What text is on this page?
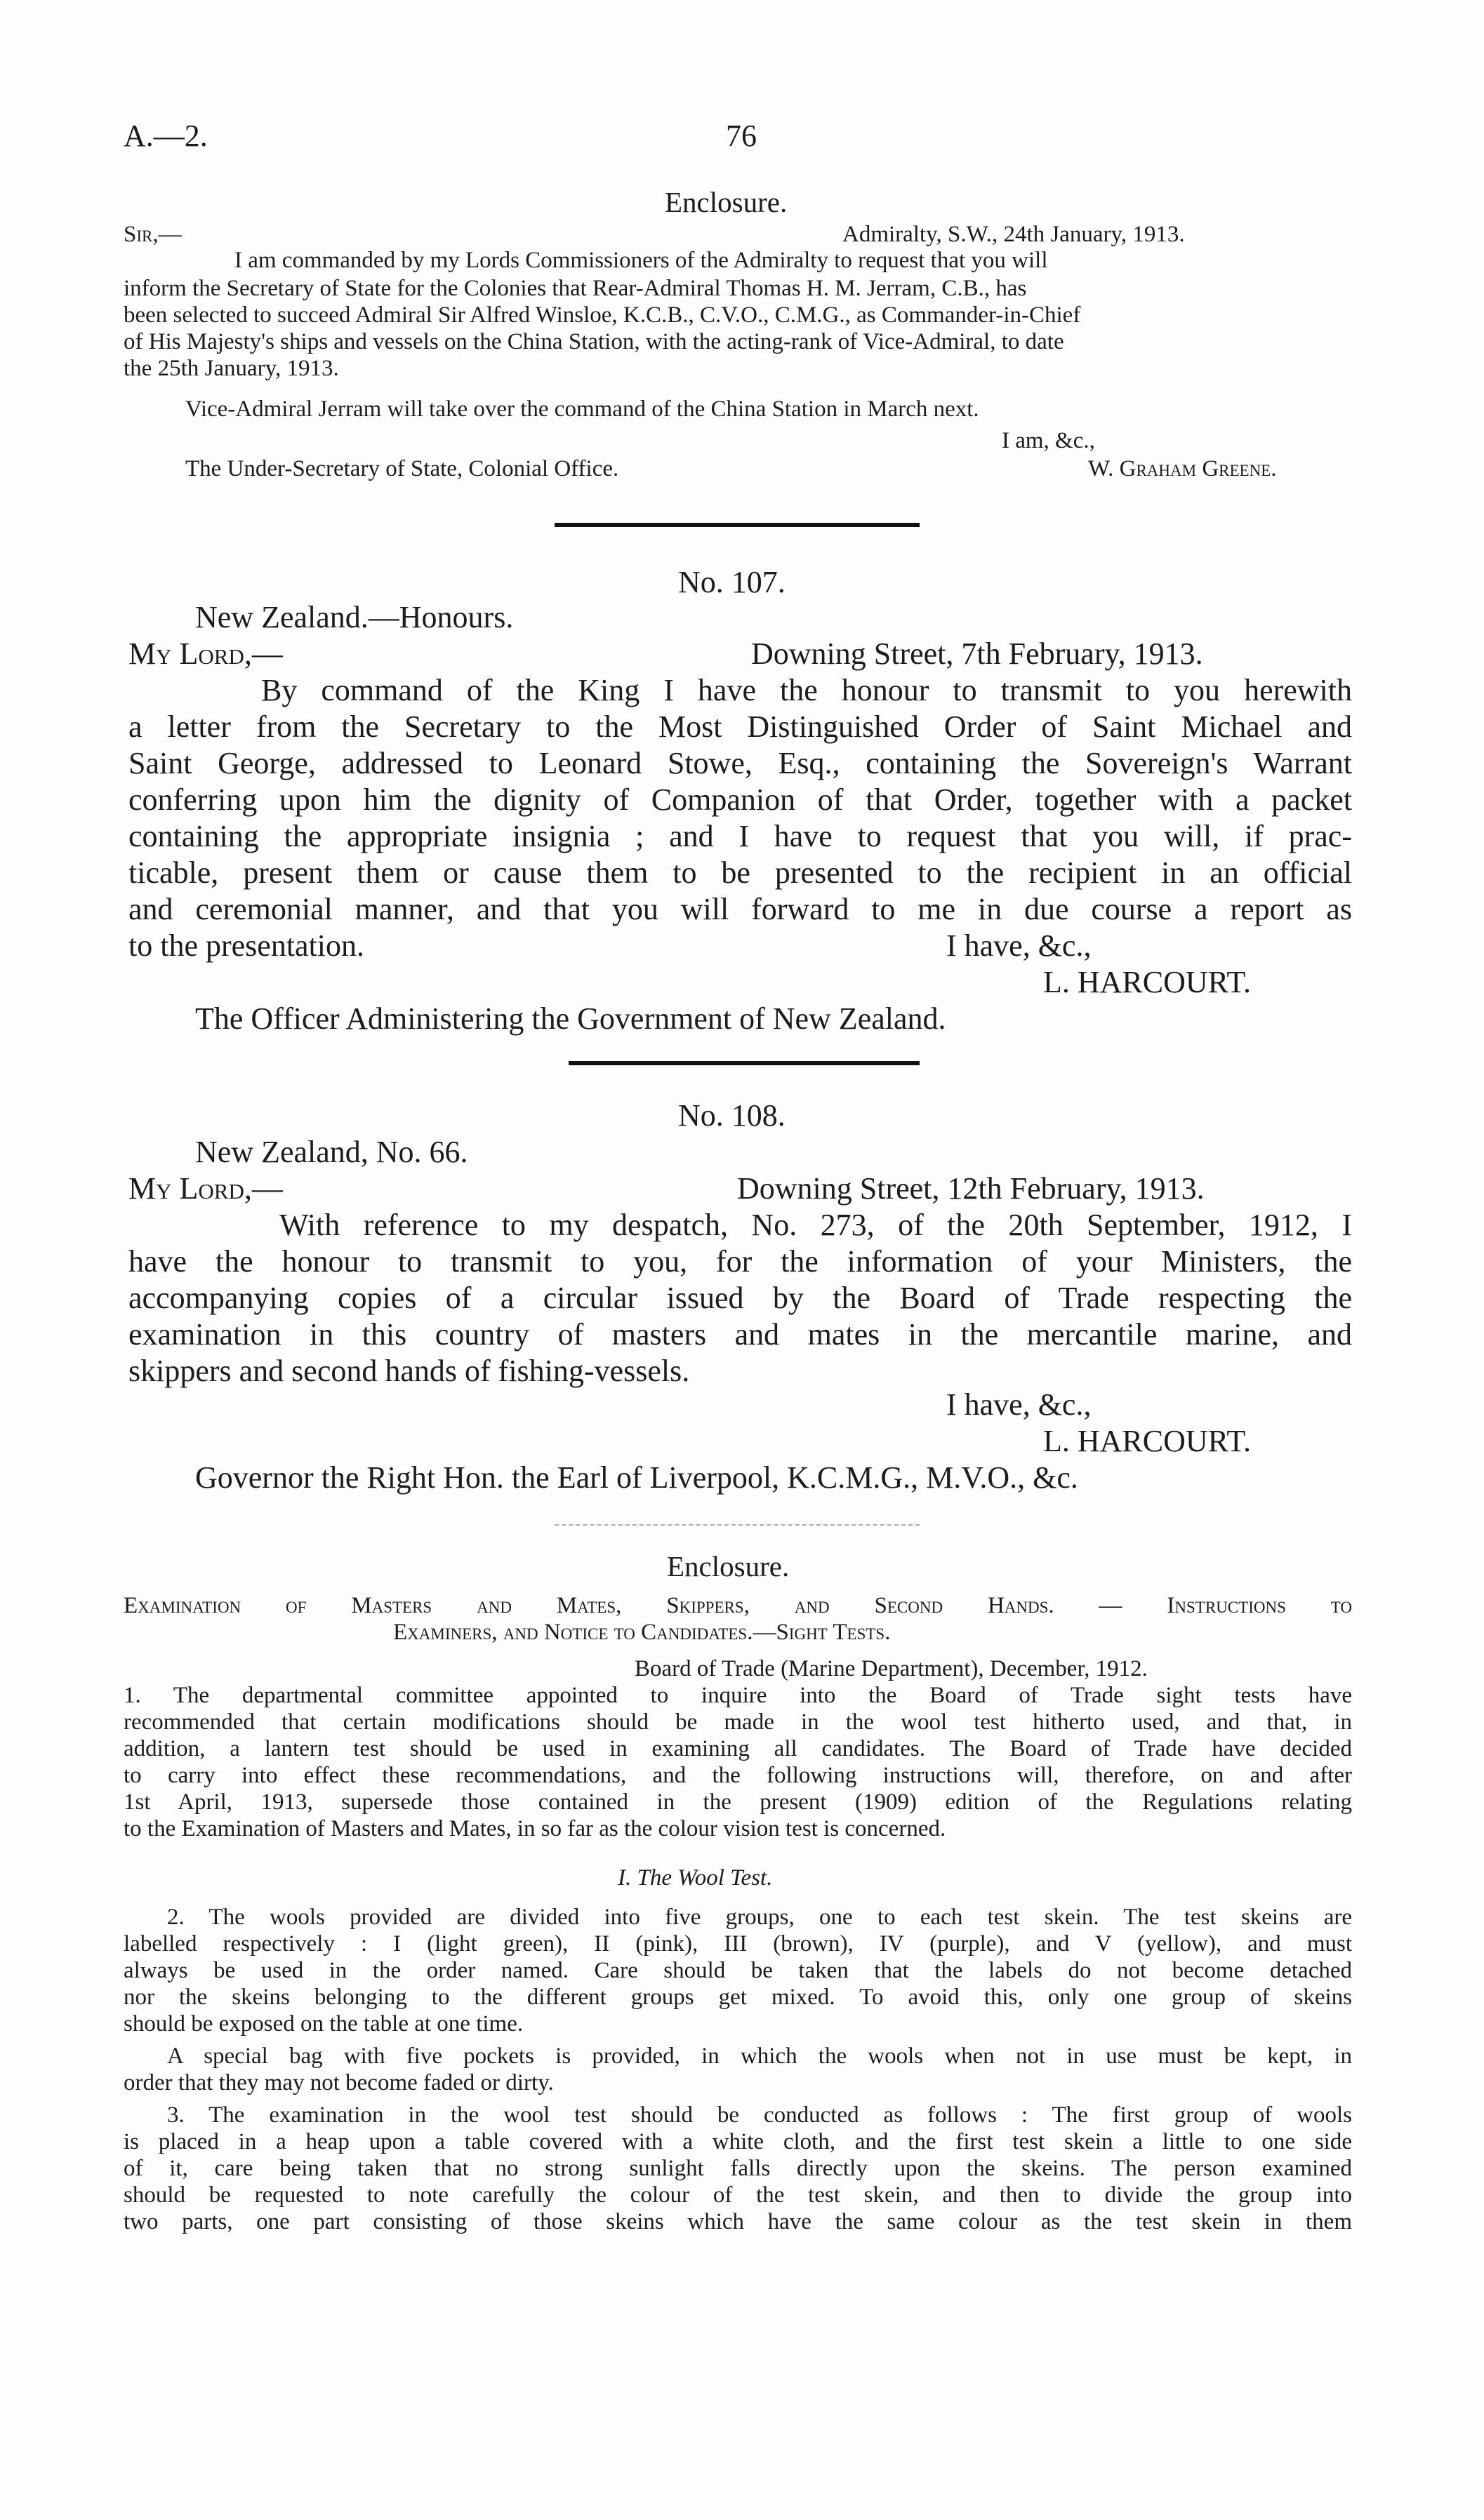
A.—2.	76
Enclosure.
Sir,—	Admiralty, S.W., 24th January, 1913.
I am commanded by my Lords Commissioners of the Admiralty to request that you will
inform the Secretary of State for the Colonies that Rear-Admiral Thomas H. M. Jerram, C.B., has
been selected to succeed Admiral Sir Alfred Winsloe, K.C.B., C.V.O., C.M.G., as Commander-in-Chief
of His Majesty's ships and vessels on the China Station, with the acting-rank of Vice-Admiral, to date
the 25th January, 1913.
Vice-Admiral Jerram will take over the command of the China Station in March next.
I am, &c.,
The Under-Secretary of State, Colonial Office.	W. Graham Greene.
No. 107.
New Zealand.—Honours.
My Lord,—	Downing Street, 7th February, 1913.
By command of the King I have the honour to transmit to you herewith
a letter from the Secretary to the Most Distinguished Order of Saint Michael and
Saint George, addressed to Leonard Stowe, Esq., containing the Sovereign's Warrant
conferring upon him the dignity of Companion of that Order, together with a packet
containing the appropriate insignia ; and I have to request that you will, if prac-
ticable, present them or cause them to be presented to the recipient in an official
and ceremonial manner, and that you will forward to me in due course a report as
to the presentation.	I have, &c.,
L. HARCOURT.
The Officer Administering the Government of New Zealand.
No. 108.
New Zealand, No. 66.
My Lord,—	Downing Street, 12th February, 1913.
With reference to my despatch, No. 273, of the 20th September, 1912, I
have the honour to transmit to you, for the information of your Ministers, the
accompanying copies of a circular issued by the Board of Trade respecting the
examination in this country of masters and mates in the mercantile marine, and
skippers and second hands of fishing-vessels.
I have, &c.,
L. HARCOURT.
Governor the Right Hon. the Earl of Liverpool, K.C.M.G., M.V.O., &c.
Enclosure.
Examination of Masters and Mates, Skippers, and Second Hands. — Instructions to
Examiners, and Notice to Candidates.—Sight Tests.
Board of Trade (Marine Department), December, 1912.
1. The departmental committee appointed to inquire into the Board of Trade sight tests have
recommended that certain modifications should be made in the wool test hitherto used, and that, in
addition, a lantern test should be used in examining all candidates. The Board of Trade have decided
to carry into effect these recommendations, and the following instructions will, therefore, on and after
1st April, 1913, supersede those contained in the present (1909) edition of the Regulations relating
to the Examination of Masters and Mates, in so far as the colour vision test is concerned.
I. The Wool Test.
2. The wools provided are divided into five groups, one to each test skein. The test skeins are
labelled respectively : I (light green), II (pink), III (brown), IV (purple), and V (yellow), and must
always be used in the order named. Care should be taken that the labels do not become detached
nor the skeins belonging to the different groups get mixed. To avoid this, only one group of skeins
should be exposed on the table at one time.
A special bag with five pockets is provided, in which the wools when not in use must be kept, in
order that they may not become faded or dirty.
3. The examination in the wool test should be conducted as follows : The first group of wools
is placed in a heap upon a table covered with a white cloth, and the first test skein a little to one side
of it, care being taken that no strong sunlight falls directly upon the skeins. The person examined
should be requested to note carefully the colour of the test skein, and then to divide the group into
two parts, one part consisting of those skeins which have the same colour as the test skein in them
